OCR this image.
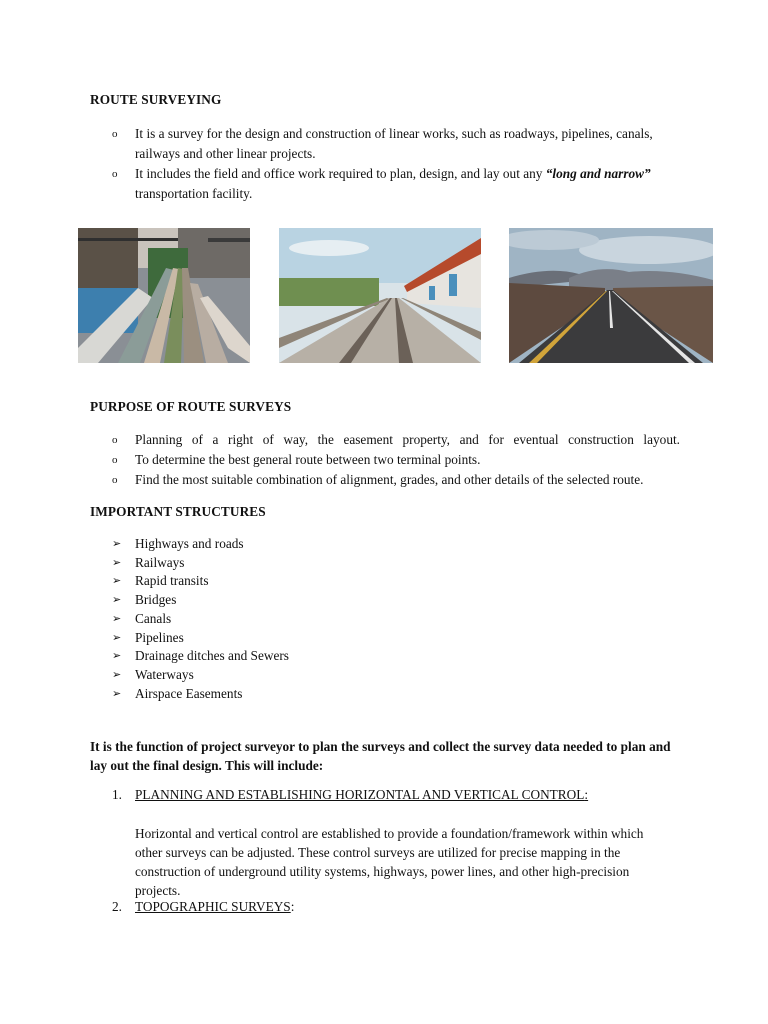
ROUTE SURVEYING
o	It is a survey for the design and construction of linear works, such as roadways, pipelines, canals, railways and other linear projects.
o	It includes the field and office work required to plan, design, and lay out any “long and narrow” transportation facility.
PURPOSE OF ROUTE SURVEYS
o	Planning of a right of way, the easement property, and for eventual construction layout.
o	To determine the best general route between two terminal points.
o	Find the most suitable combination of alignment, grades, and other details of the selected route.
IMPORTANT STRUCTURES
➢	Highways and roads
➢	Railways
➢	Rapid transits
➢	Bridges
➢	Canals
➢	Pipelines
➢	Drainage ditches and Sewers
➢	Waterways
➢	Airspace Easements
It is the function of project surveyor to plan the surveys and collect the survey data needed to plan and lay out the final design. This will include:
1. PLANNING AND ESTABLISHING HORIZONTAL AND VERTICAL CONTROL:
Horizontal and vertical control are established to provide a foundation/framework within which other surveys can be adjusted. These control surveys are utilized for precise mapping in the construction of underground utility systems, highways, power lines, and other high-precision projects.
2. TOPOGRAPHIC SURVEYS:
